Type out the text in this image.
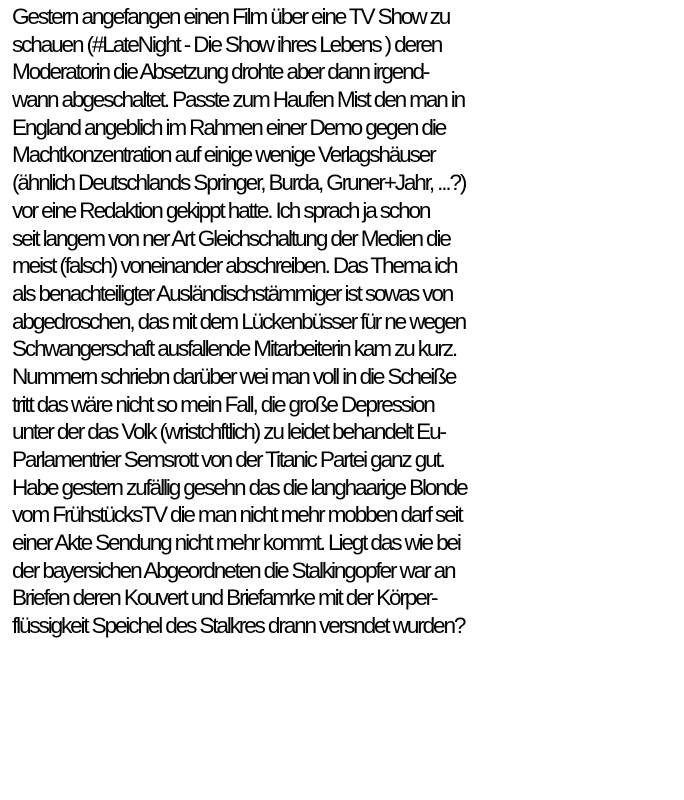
Gestern angefangen einen Film über eine TV Show zu
schauen (#LateNight - Die Show ihres Lebens ) deren
Moderatorin die Absetzung drohte aber dann irgend-
wann abgeschaltet. Passte zum Haufen Mist den man in
England angeblich im Rahmen einer Demo gegen die
Machtkonzentration auf einige wenige Verlagshäuser
(ähnlich Deutschlands Springer, Burda, Gruner+Jahr, ...?)
vor eine Redaktion gekippt hatte. Ich sprach ja schon
seit langem von ner Art Gleichschaltung der Medien die
meist (falsch) voneinander abschreiben. Das Thema ich
als benachteiligter Ausländischstämmiger ist sowas von
abgedroschen, das mit dem Lückenbüsser für ne wegen
Schwangerschaft ausfallende Mitarbeiterin kam zu kurz.
Nummern schriebn darüber wei man voll in die Scheiße
tritt das wäre nicht so mein Fall, die große Depression
unter der das Volk (wristchftlich) zu leidet behandelt Eu-
Parlamentrier Semsrott von der Titanic Partei ganz gut.
Habe gestern zufällig gesehn das die langhaarige Blonde
vom FrühstücksTV die man nicht mehr mobben darf seit
einer Akte Sendung nicht mehr kommt. Liegt das wie bei
der bayersichen Abgeordneten die Stalkingopfer war an
Briefen deren Kouvert und Briefamrke mit der Körper-
flüssigkeit Speichel des Stalkres drann versndet wurden?
